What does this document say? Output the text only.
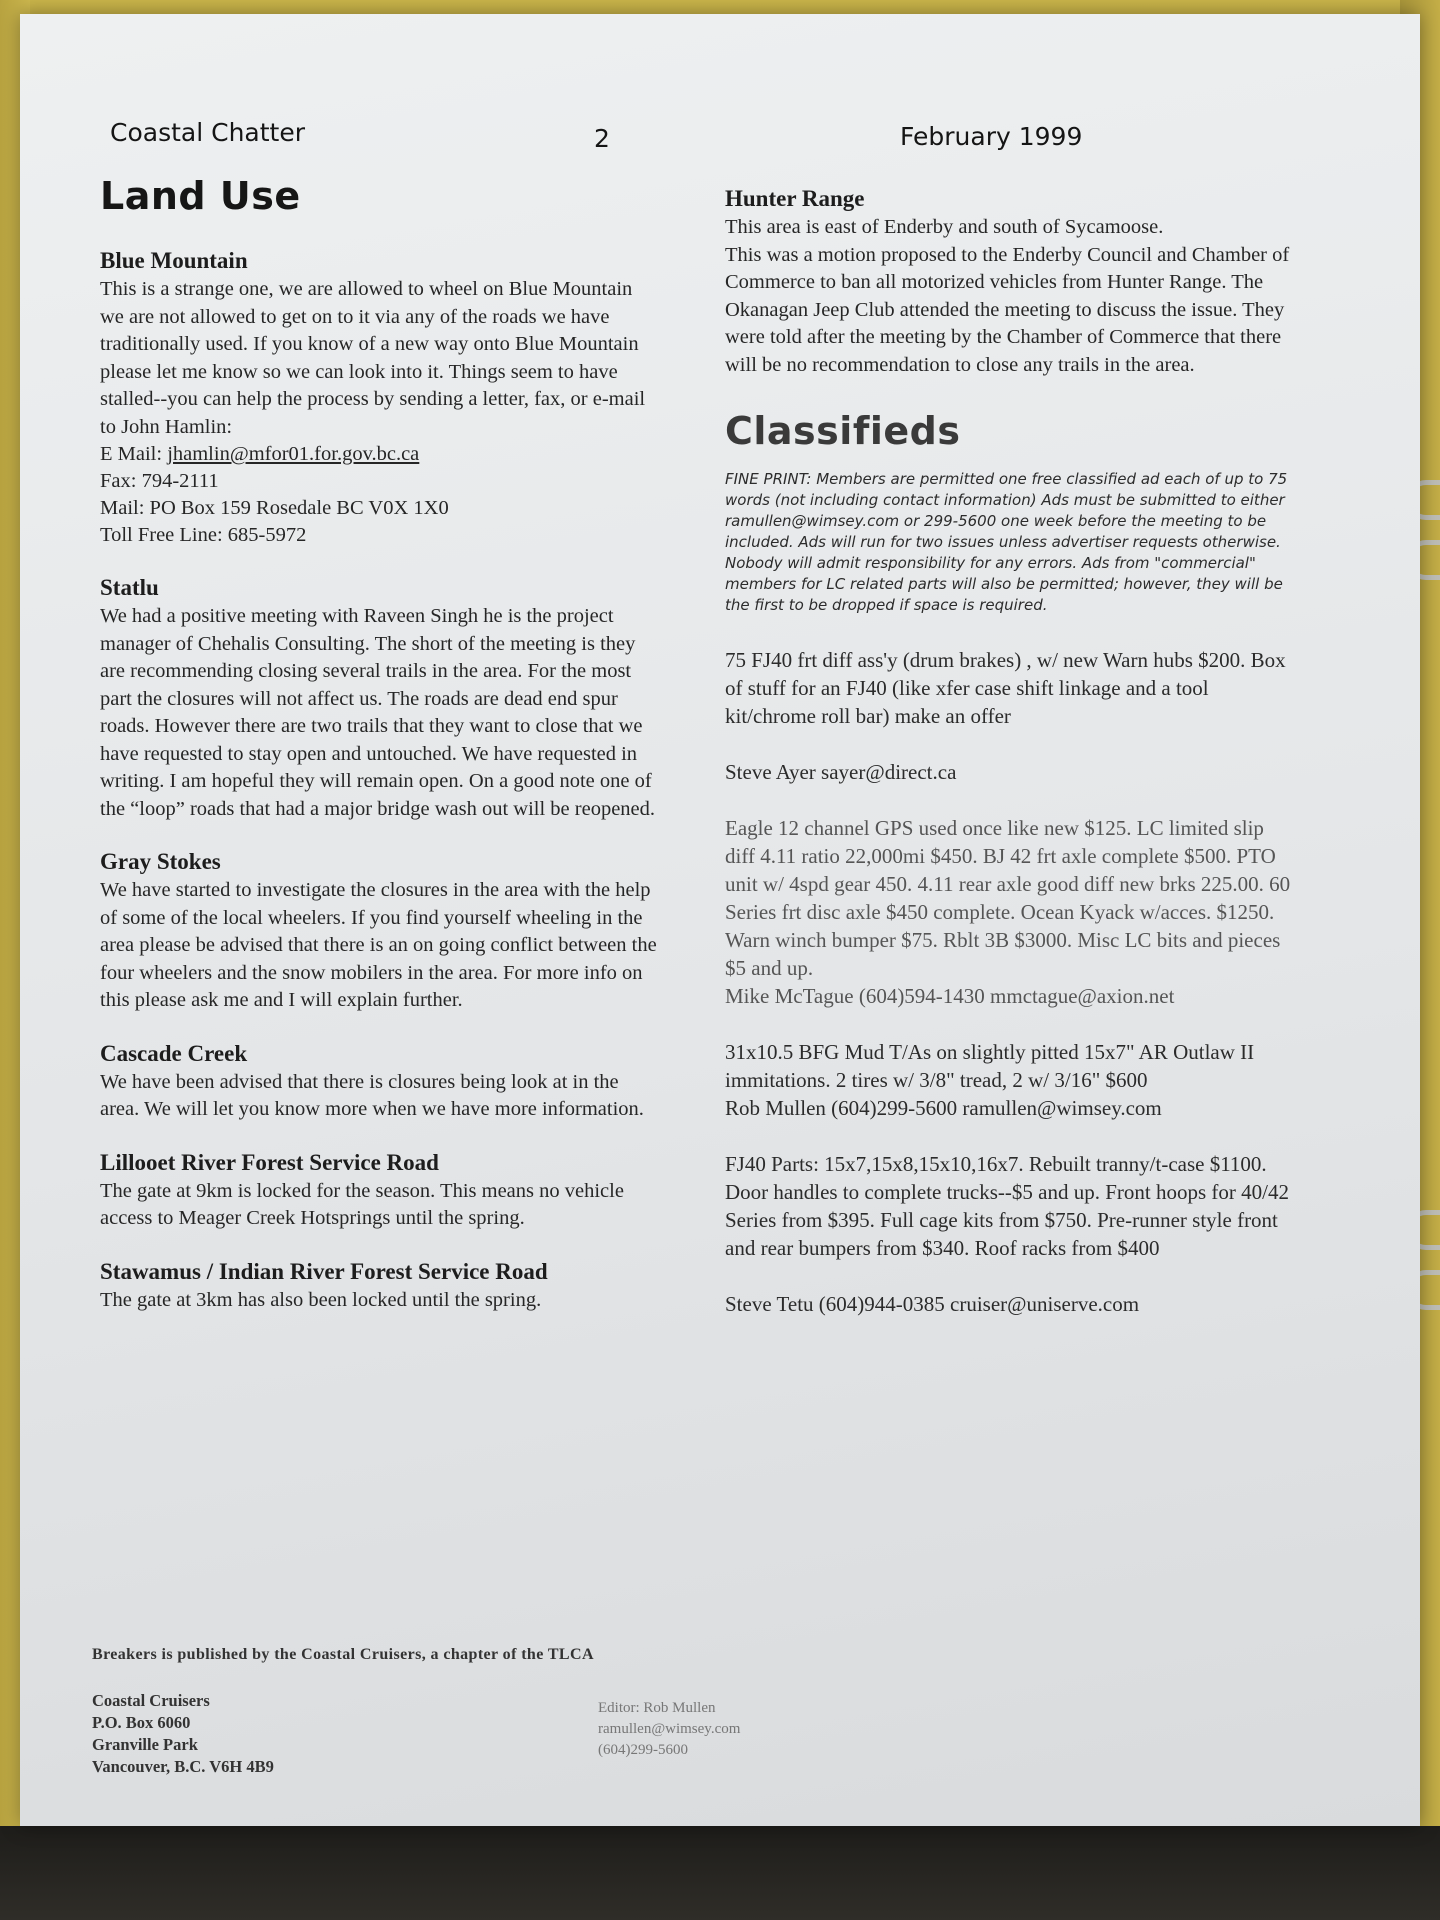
Coastal Chatter	2	February 1999
Land Use
Blue Mountain

This is a strange one, we are allowed to wheel on Blue Mountain we are not allowed to get on to it via any of the roads we have traditionally used. If you know of a new way onto Blue Mountain please let me know so we can look into it. Things seem to have stalled--you can help the process by sending a letter, fax, or e-mail to John Hamlin:

E Mail: jhamlin@mfor01.for.gov.bc.ca
Fax: 794-2111
Mail: PO Box 159 Rosedale BC V0X 1X0
Toll Free Line: 685-5972
Statlu

We had a positive meeting with Raveen Singh he is the project manager of Chehalis Consulting. The short of the meeting is they are recommending closing several trails in the area. For the most part the closures will not affect us. The roads are dead end spur roads. However there are two trails that they want to close that we have requested to stay open and untouched. We have requested in writing. I am hopeful they will remain open. On a good note one of the “loop” roads that had a major bridge wash out will be reopened.

Gray Stokes

We have started to investigate the closures in the area with the help of some of the local wheelers. If you find yourself wheeling in the area please be advised that there is an on going conflict between the four wheelers and the snow mobilers in the area. For more info on this please ask me and I will explain further.

Cascade Creek

We have been advised that there is closures being look at in the area. We will let you know more when we have more information.

Lillooet River Forest Service Road

The gate at 9km is locked for the season. This means no vehicle access to Meager Creek Hotsprings until the spring.

Stawamus / Indian River Forest Service Road

The gate at 3km has also been locked until the spring.

Hunter Range

This area is east of Enderby and south of Sycamoose.

This was a motion proposed to the Enderby Council and Chamber of Commerce to ban all motorized vehicles from Hunter Range. The Okanagan Jeep Club attended the meeting to discuss the issue. They were told after the meeting by the Chamber of Commerce that there will be no recommendation to close any trails in the area.

Classifieds

FINE PRINT: Members are permitted one free classified ad each of up to 75 words (not including contact information) Ads must be submitted to either ramullen@wimsey.com or 299-5600 one week before the meeting to be included. Ads will run for two issues unless advertiser requests otherwise. Nobody will admit responsibility for any errors. Ads from "commercial" members for LC related parts will also be permitted; however, they will be the first to be dropped if space is required.

75 FJ40 frt diff ass'y (drum brakes) , w/ new Warn hubs $200. Box of stuff for an FJ40 (like xfer case shift linkage and a tool kit/chrome roll bar) make an offer
Steve Ayer sayer@direct.ca
Eagle 12 channel GPS used once like new $125. LC limited slip diff 4.11 ratio 22,000mi $450. BJ 42 frt axle complete $500. PTO unit w/ 4spd gear 450. 4.11 rear axle good diff new brks 225.00. 60 Series frt disc axle $450 complete. Ocean Kyack w/acces. $1250. Warn winch bumper $75. Rblt 3B $3000. Misc LC bits and pieces $5 and up.
Mike McTague (604)594-1430 mmctague@axion.net
31x10.5 BFG Mud T/As on slightly pitted 15x7" AR Outlaw II immitations. 2 tires w/ 3/8" tread, 2 w/ 3/16" $600
Rob Mullen (604)299-5600 ramullen@wimsey.com
FJ40 Parts: 15x7,15x8,15x10,16x7. Rebuilt tranny/t-case $1100. Door handles to complete trucks--$5 and up. Front hoops for 40/42 Series from $395. Full cage kits from $750. Pre-runner style front and rear bumpers from $340. Roof racks from $400
Steve Tetu (604)944-0385 cruiser@uniserve.com
Breakers is published by the Coastal Cruisers, a chapter of the TLCA
Coastal Cruisers
P.O. Box 6060
Granville Park
Vancouver, B.C. V6H 4B9
Editor: Rob Mullen
ramullen@wimsey.com
(604)299-5600
